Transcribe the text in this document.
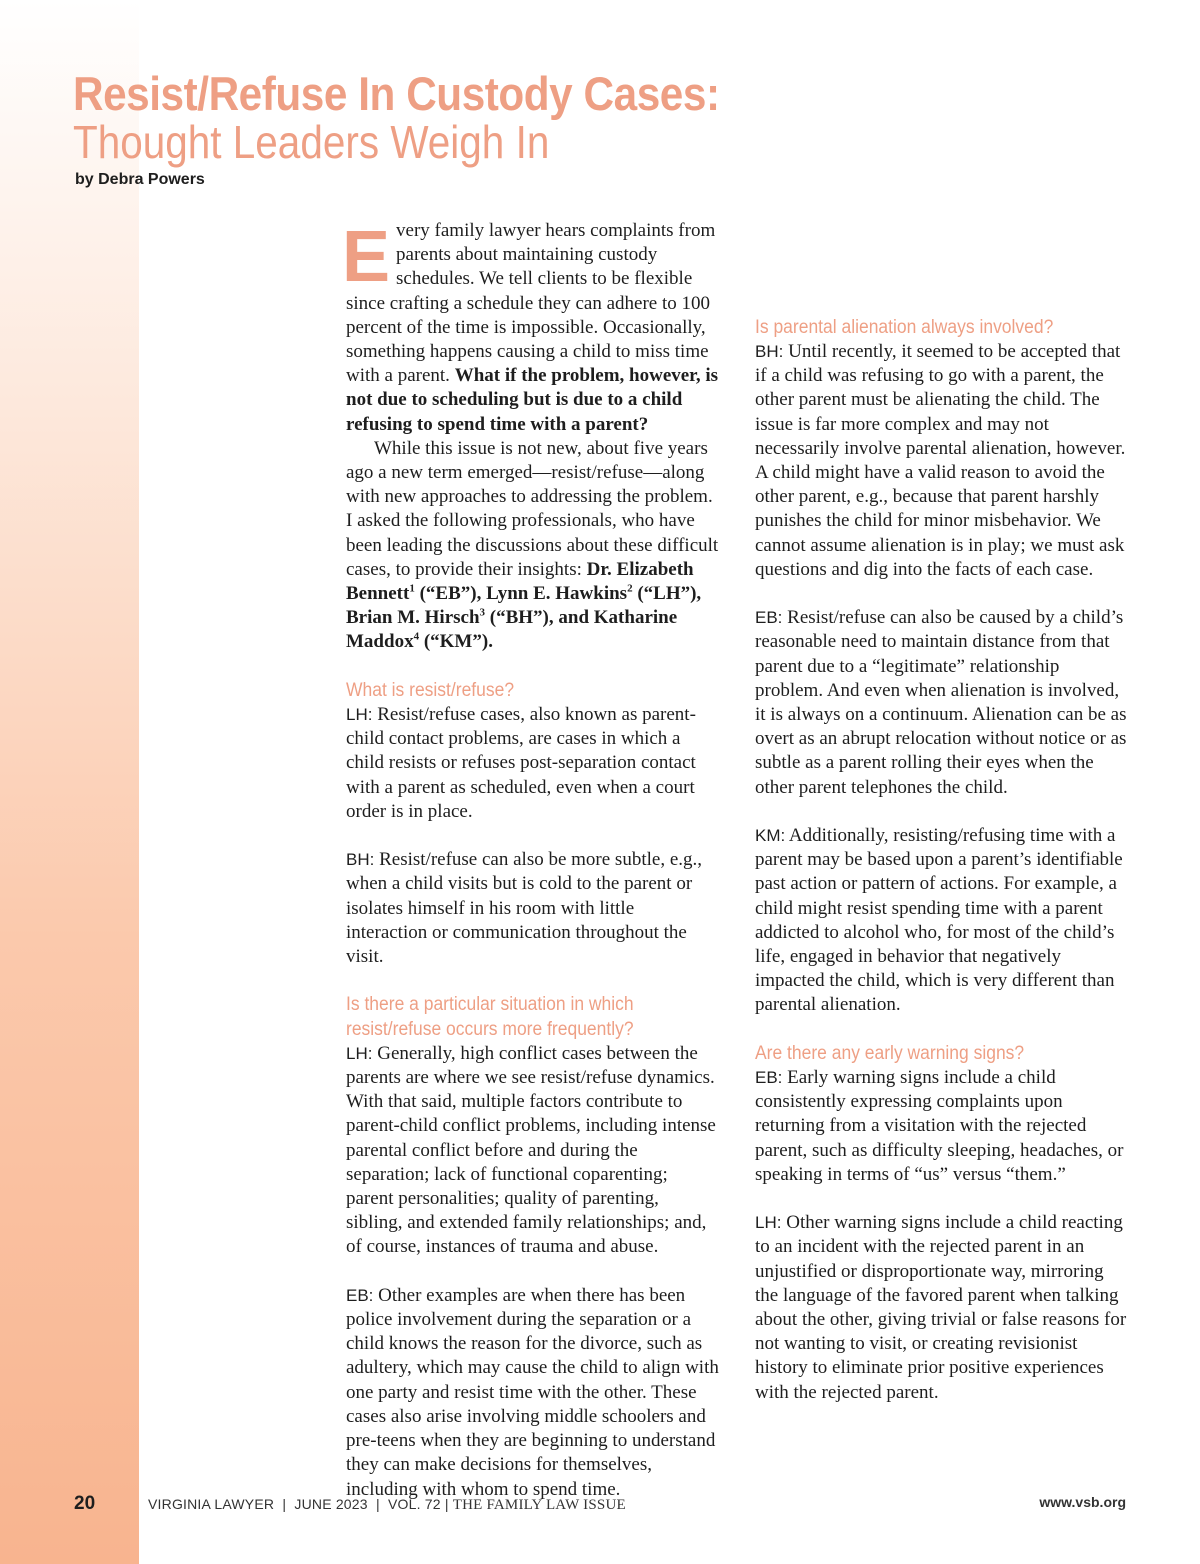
Resist/Refuse In Custody Cases:
Thought Leaders Weigh In
by Debra Powers

Every family lawyer hears complaints from parents about maintaining custody schedules. We tell clients to be flexible since crafting a schedule they can adhere to 100 percent of the time is impossible. Occasionally, something happens causing a child to miss time with a parent. What if the problem, however, is not due to scheduling but is due to a child refusing to spend time with a parent?

While this issue is not new, about five years ago a new term emerged—resist/refuse—along with new approaches to addressing the problem. I asked the following professionals, who have been leading the discussions about these difficult cases, to provide their insights: Dr. Elizabeth Bennett$^1$ (“EB”), Lynn E. Hawkins$^2$ (“LH”), Brian M. Hirsch$^3$ (“BH”), and Katharine Maddox$^4$ (“KM”).

What is resist/refuse?

LH: Resist/refuse cases, also known as parent-child contact problems, are cases in which a child resists or refuses post-separation contact with a parent as scheduled, even when a court order is in place.

BH: Resist/refuse can also be more subtle, e.g., when a child visits but is cold to the parent or isolates himself in his room with little interaction or communication throughout the visit.

Is there a particular situation in which
resist/refuse occurs more frequently?

LH: Generally, high conflict cases between the parents are where we see resist/refuse dynamics. With that said, multiple factors contribute to parent-child conflict problems, including intense parental conflict before and during the separation; lack of functional coparenting; parent personalities; quality of parenting, sibling, and extended family relationships; and, of course, instances of trauma and abuse.

EB: Other examples are when there has been police involvement during the separation or a child knows the reason for the divorce, such as adultery, which may cause the child to align with one party and resist time with the other. These cases also arise involving middle schoolers and pre-teens when they are beginning to understand they can make decisions for themselves, including with whom to spend time.

Is parental alienation always involved?

BH: Until recently, it seemed to be accepted that if a child was refusing to go with a parent, the other parent must be alienating the child. The issue is far more complex and may not necessarily involve parental alienation, however. A child might have a valid reason to avoid the other parent, e.g., because that parent harshly punishes the child for minor misbehavior. We cannot assume alienation is in play; we must ask questions and dig into the facts of each case.

EB: Resist/refuse can also be caused by a child’s reasonable need to maintain distance from that parent due to a “legitimate” relationship problem. And even when alienation is involved, it is always on a continuum. Alienation can be as overt as an abrupt relocation without notice or as subtle as a parent rolling their eyes when the other parent telephones the child.

KM: Additionally, resisting/refusing time with a parent may be based upon a parent’s identifiable past action or pattern of actions. For example, a child might resist spending time with a parent addicted to alcohol who, for most of the child’s life, engaged in behavior that negatively impacted the child, which is very different than parental alienation.

Are there any early warning signs?

EB: Early warning signs include a child consistently expressing complaints upon returning from a visitation with the rejected parent, such as difficulty sleeping, headaches, or speaking in terms of “us” versus “them.”

LH: Other warning signs include a child reacting to an incident with the rejected parent in an unjustified or disproportionate way, mirroring the language of the favored parent when talking about the other, giving trivial or false reasons for not wanting to visit, or creating revisionist history to eliminate prior positive experiences with the rejected parent.

20	VIRGINIA LAWYER  |  JUNE 2023  |  VOL. 72 | THE FAMILY LAW ISSUE	www.vsb.org
